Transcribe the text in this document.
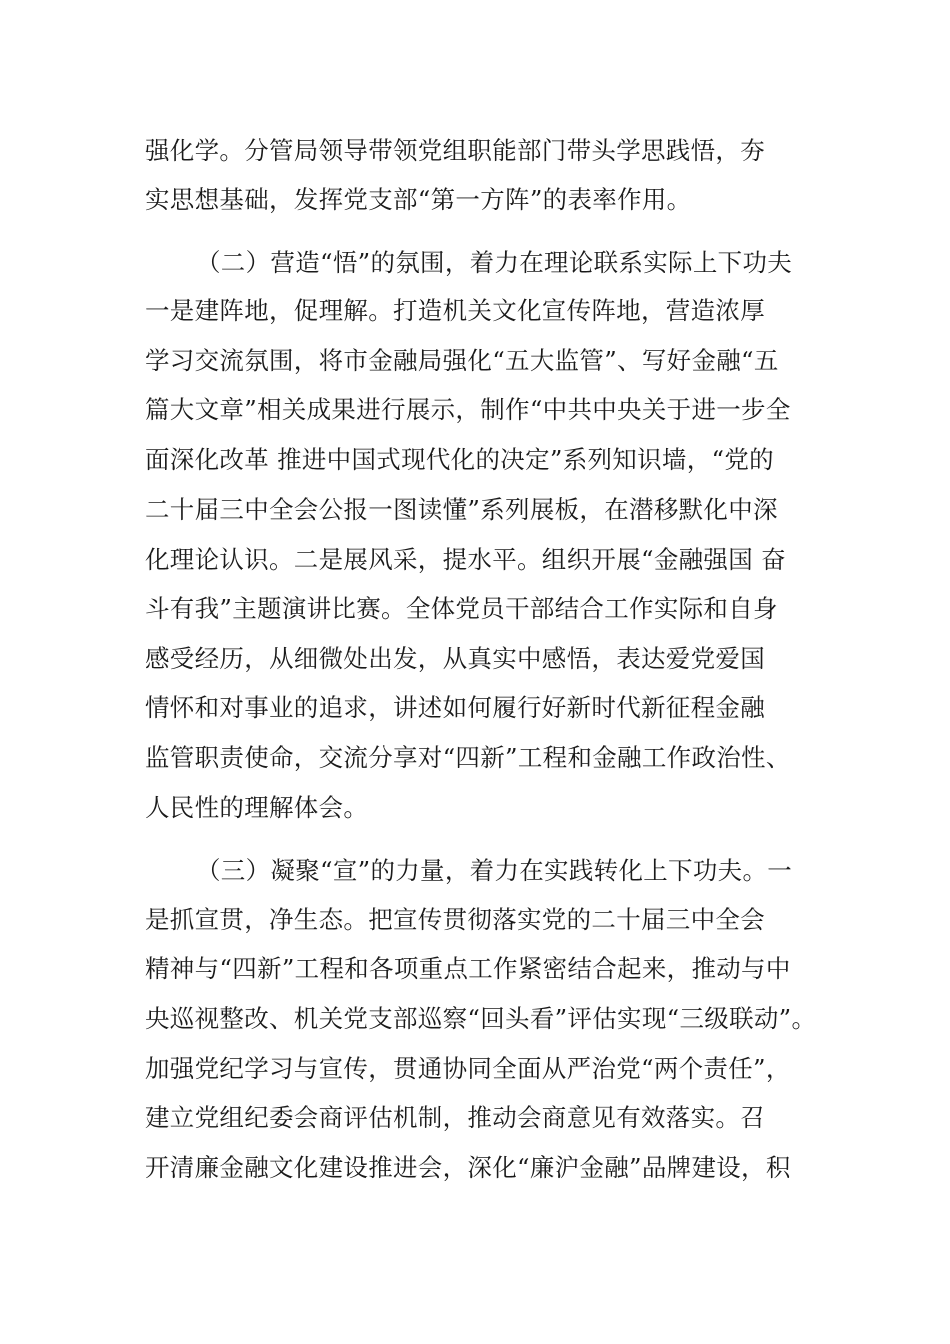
强化学。分管局领导带领党组职能部门带头学思践悟，夯
实思想基础，发挥党支部“第一方阵”的表率作用。
（二）营造“悟”的氛围，着力在理论联系实际上下功夫
一是建阵地，促理解。打造机关文化宣传阵地，营造浓厚
学习交流氛围，将市金融局强化“五大监管”、写好金融“五
篇大文章”相关成果进行展示，制作“中共中央关于进一步全
面深化改革 推进中国式现代化的决定”系列知识墙，“党的
二十届三中全会公报一图读懂”系列展板，在潜移默化中深
化理论认识。二是展风采，提水平。组织开展“金融强国 奋
斗有我”主题演讲比赛。全体党员干部结合工作实际和自身
感受经历，从细微处出发，从真实中感悟，表达爱党爱国
情怀和对事业的追求，讲述如何履行好新时代新征程金融
监管职责使命，交流分享对“四新”工程和金融工作政治性、
人民性的理解体会。
（三）凝聚“宣”的力量，着力在实践转化上下功夫。一
是抓宣贯，净生态。把宣传贯彻落实党的二十届三中全会
精神与“四新”工程和各项重点工作紧密结合起来，推动与中
央巡视整改、机关党支部巡察“回头看”评估实现“三级联动”。
加强党纪学习与宣传，贯通协同全面从严治党“两个责任”，
建立党组纪委会商评估机制，推动会商意见有效落实。召
开清廉金融文化建设推进会，深化“廉沪金融”品牌建设，积
